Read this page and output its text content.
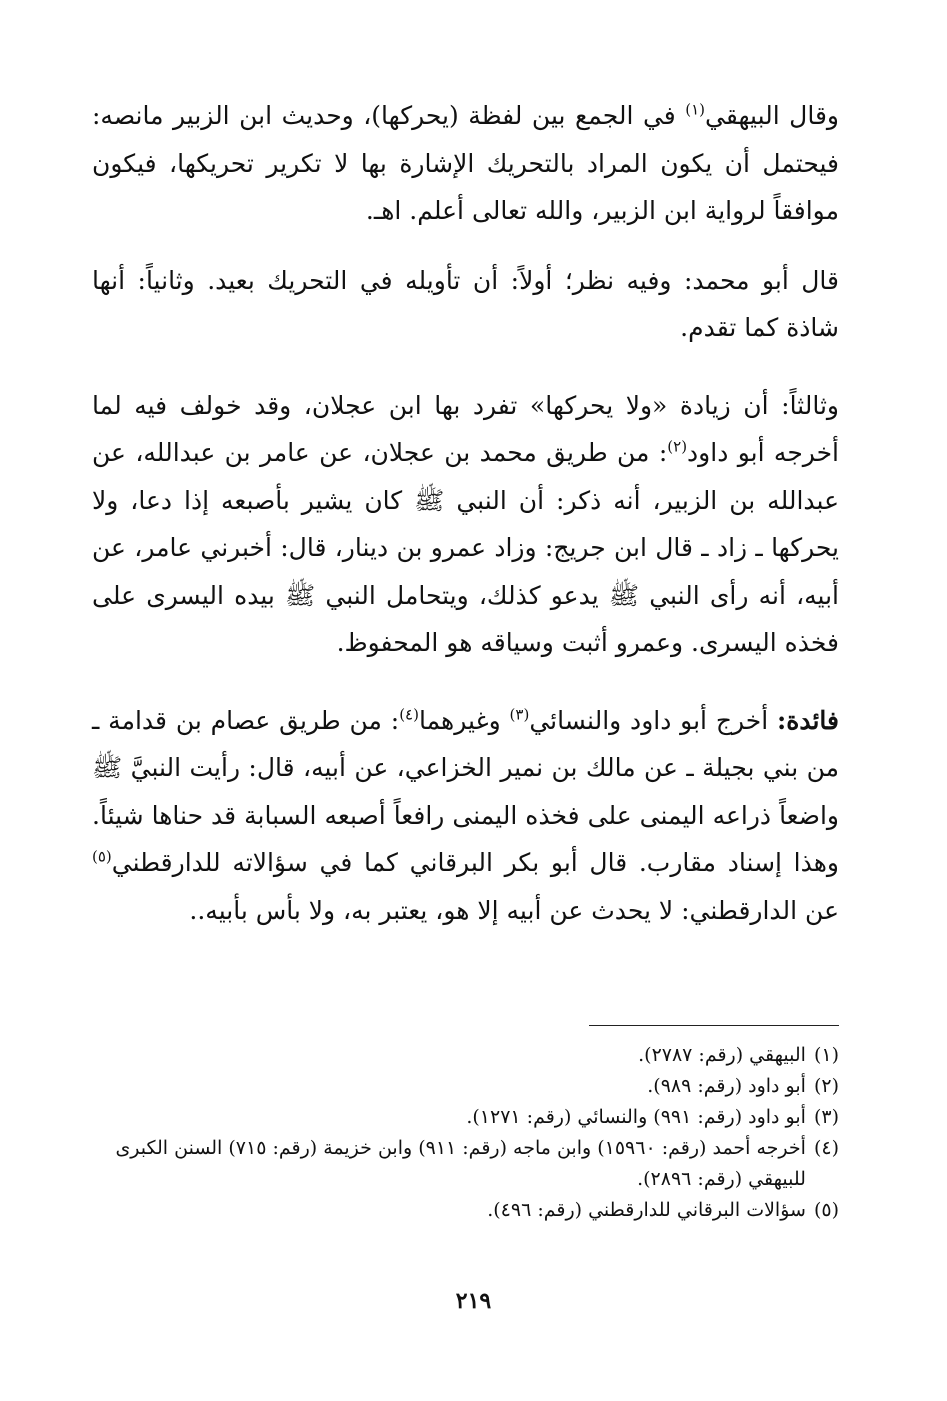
وقال البيهقي$^{(١)}$ في الجمع بين لفظة (يحركها)، وحديث ابن الزبير مانصه: فيحتمل أن يكون المراد بالتحريك الإشارة بها لا تكرير تحريكها، فيكون موافقاً لرواية ابن الزبير، والله تعالى أعلم. اهـ.

قال أبو محمد: وفيه نظر؛ أولاً: أن تأويله في التحريك بعيد. وثانياً: أنها شاذة كما تقدم.

وثالثاً: أن زيادة «ولا يحركها» تفرد بها ابن عجلان، وقد خولف فيه لما أخرجه أبو داود$^{(٢)}$: من طريق محمد بن عجلان، عن عامر بن عبدالله، عن عبدالله بن الزبير، أنه ذكر: أن النبي ﷺ كان يشير بأصبعه إذا دعا، ولا يحركها ـ زاد ـ قال ابن جريج: وزاد عمرو بن دينار، قال: أخبرني عامر، عن أبيه، أنه رأى النبي ﷺ يدعو كذلك، ويتحامل النبي ﷺ بيده اليسرى على فخذه اليسرى. وعمرو أثبت وسياقه هو المحفوظ.

فائدة: أخرج أبو داود والنسائي$^{(٣)}$ وغيرهما$^{(٤)}$: من طريق عصام بن قدامة ـ من بني بجيلة ـ عن مالك بن نمير الخزاعي، عن أبيه، قال: رأيت النبيَّ ﷺ واضعاً ذراعه اليمنى على فخذه اليمنى رافعاً أصبعه السبابة قد حناها شيئاً. وهذا إسناد مقارب. قال أبو بكر البرقاني كما في سؤالاته للدارقطني$^{(٥)}$ عن الدارقطني: لا يحدث عن أبيه إلا هو، يعتبر به، ولا بأس بأبيه..

(١)
البيهقي (رقم: ٢٧٨٧).
(٢)
أبو داود (رقم: ٩٨٩).
(٣)
أبو داود (رقم: ٩٩١) والنسائي (رقم: ١٢٧١).
(٤)
أخرجه أحمد (رقم: ١٥٩٦٠) وابن ماجه (رقم: ٩١١) وابن خزيمة (رقم: ٧١٥) السنن الكبرى للبيهقي (رقم: ٢٨٩٦).
(٥)
سؤالات البرقاني للدارقطني (رقم: ٤٩٦).
٢١٩
